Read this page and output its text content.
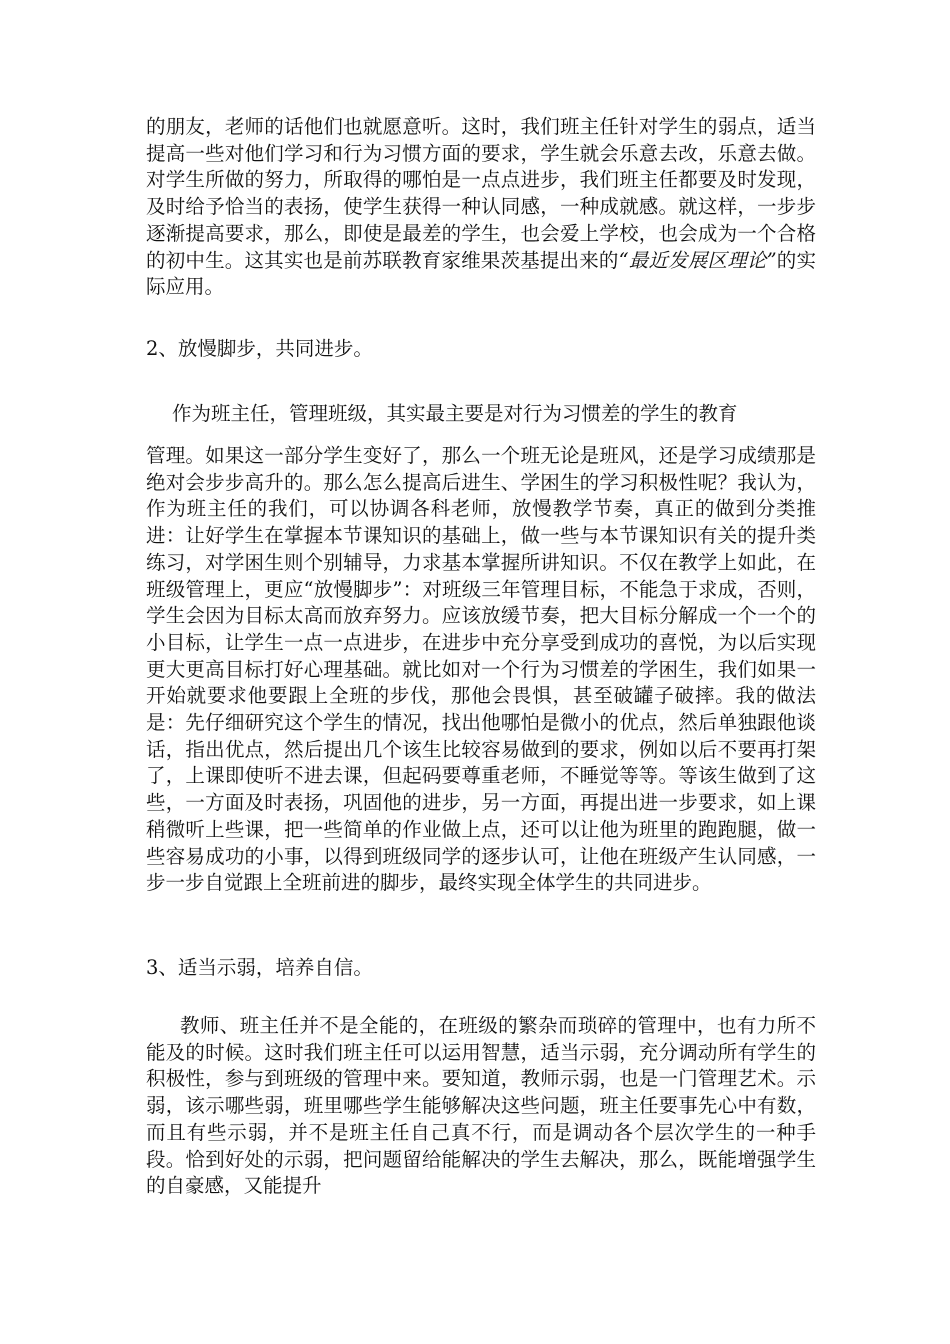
的朋友，老师的话他们也就愿意听。这时，我们班主任针对学生的弱点，适当提高一些对他们学习和行为习惯方面的要求，学生就会乐意去改，乐意去做。对学生所做的努力，所取得的哪怕是一点点进步，我们班主任都要及时发现，及时给予恰当的表扬，使学生获得一种认同感，一种成就感。就这样，一步步逐渐提高要求，那么，即使是最差的学生，也会爱上学校，也会成为一个合格的初中生。这其实也是前苏联教育家维果茨基提出来的“最近发展区理论”的实际应用。

2、放慢脚步，共同进步。

作为班主任，管理班级，其实最主要是对行为习惯差的学生的教育

管理。如果这一部分学生变好了，那么一个班无论是班风，还是学习成绩那是绝对会步步高升的。那么怎么提高后进生、学困生的学习积极性呢？我认为，作为班主任的我们，可以协调各科老师，放慢教学节奏，真正的做到分类推进：让好学生在掌握本节课知识的基础上，做一些与本节课知识有关的提升类练习，对学困生则个别辅导，力求基本掌握所讲知识。不仅在教学上如此，在班级管理上，更应“放慢脚步”：对班级三年管理目标，不能急于求成，否则，学生会因为目标太高而放弃努力。应该放缓节奏，把大目标分解成一个一个的小目标，让学生一点一点进步，在进步中充分享受到成功的喜悦，为以后实现更大更高目标打好心理基础。就比如对一个行为习惯差的学困生，我们如果一开始就要求他要跟上全班的步伐，那他会畏惧，甚至破罐子破摔。我的做法是：先仔细研究这个学生的情况，找出他哪怕是微小的优点，然后单独跟他谈话，指出优点，然后提出几个该生比较容易做到的要求，例如以后不要再打架了，上课即使听不进去课，但起码要尊重老师，不睡觉等等。等该生做到了这些，一方面及时表扬，巩固他的进步，另一方面，再提出进一步要求，如上课稍微听上些课，把一些简单的作业做上点，还可以让他为班里的跑跑腿，做一些容易成功的小事，以得到班级同学的逐步认可，让他在班级产生认同感，一步一步自觉跟上全班前进的脚步，最终实现全体学生的共同进步。

3、适当示弱，培养自信。

教师、班主任并不是全能的，在班级的繁杂而琐碎的管理中，也有力所不能及的时候。这时我们班主任可以运用智慧，适当示弱，充分调动所有学生的积极性，参与到班级的管理中来。要知道，教师示弱，也是一门管理艺术。示弱，该示哪些弱，班里哪些学生能够解决这些问题，班主任要事先心中有数，而且有些示弱，并不是班主任自己真不行，而是调动各个层次学生的一种手段。恰到好处的示弱，把问题留给能解决的学生去解决，那么，既能增强学生的自豪感，又能提升
